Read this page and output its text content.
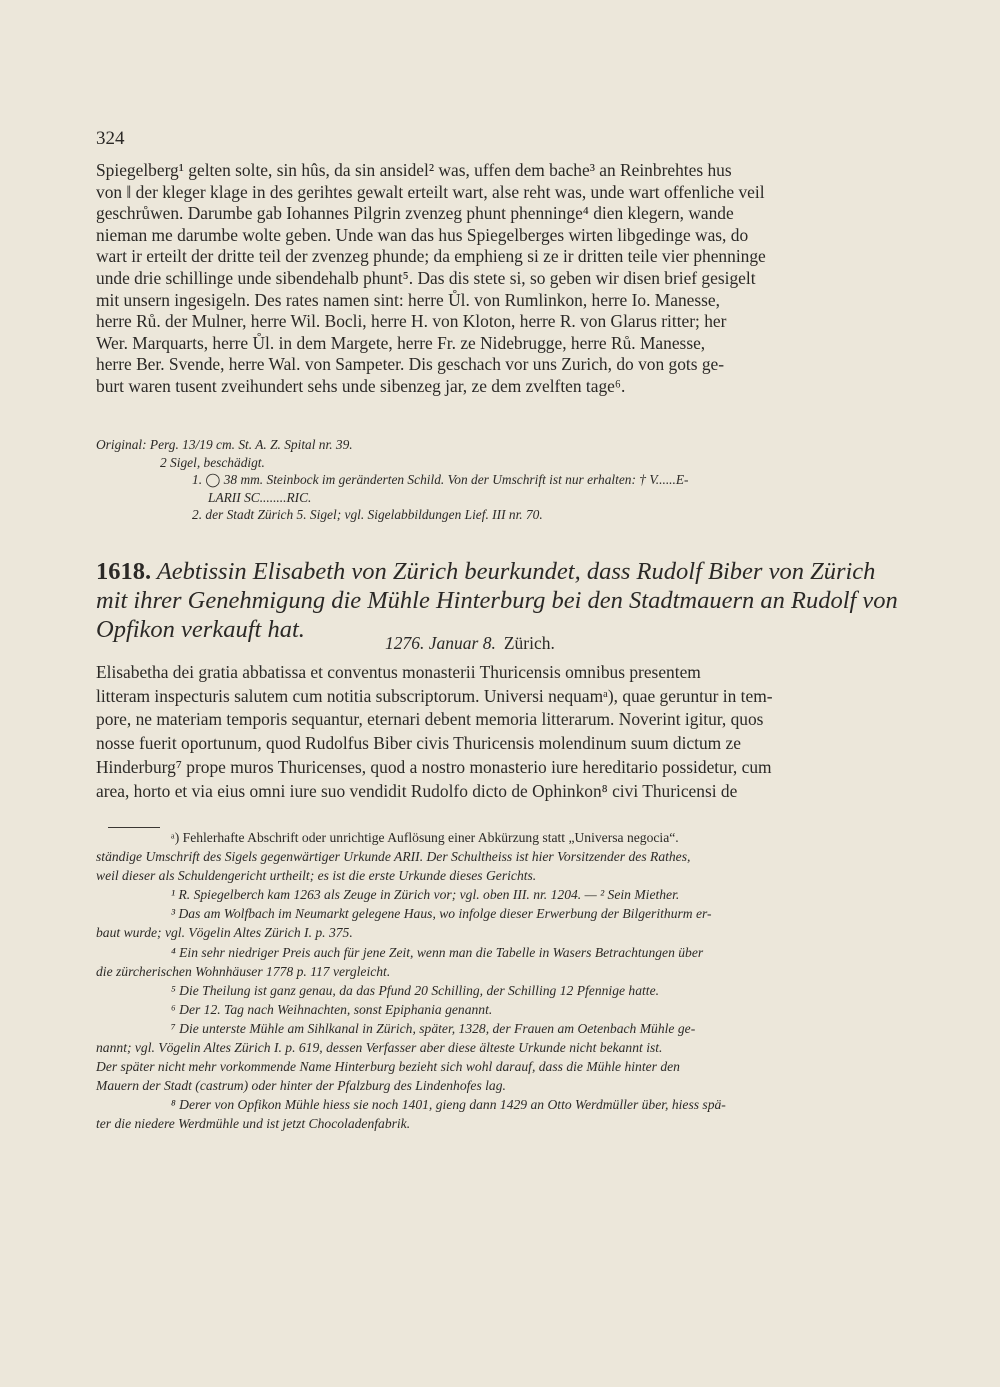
324
Spiegelberg¹ gelten solte, sin hûs, da sin ansidel² was, uffen dem bache³ an Reinbrehtes hus
von ‖ der kleger klage in des gerihtes gewalt erteilt wart, alse reht was, unde wart offenliche veil
geschrůwen. Darumbe gab Iohannes Pilgrin zvenzeg phunt phenninge⁴ dien klegern, wande
nieman me darumbe wolte geben. Unde wan das hus Spiegelberges wirten libgedinge was, do
wart ir erteilt der dritte teil der zvenzeg phunde; da emphieng si ze ir dritten teile vier phenninge
unde drie schillinge unde sibendehalb phunt⁵. Das dis stete si, so geben wir disen brief gesigelt
mit unsern ingesigeln. Des rates namen sint: herre Ůl. von Rumlinkon, herre Io. Manesse,
herre Rů. der Mulner, herre Wil. Bocli, herre H. von Kloton, herre R. von Glarus ritter; her
Wer. Marquarts, herre Ůl. in dem Margete, herre Fr. ze Nidebrugge, herre Rů. Manesse,
herre Ber. Svende, herre Wal. von Sampeter. Dis geschach vor uns Zurich, do von gots ge-
burt waren tusent zveihundert sehs unde sibenzeg jar, ze dem zvelften tage⁶.
Original: Perg. 13/19 cm. St. A. Z. Spital nr. 39.
2 Sigel, beschädigt.
1. ◯ 38 mm. Steinbock im geränderten Schild. Von der Umschrift ist nur erhalten: † V......E-
LARII SC........RIC.
2. der Stadt Zürich 5. Sigel; vgl. Sigelabbildungen Lief. III nr. 70.
1618. Aebtissin Elisabeth von Zürich beurkundet, dass Rudolf Biber von Zürich
mit ihrer Genehmigung die Mühle Hinterburg bei den Stadtmauern an Rudolf von
Opfikon verkauft hat.	1276. Januar 8. Zürich.
Elisabetha dei gratia abbatissa et conventus monasterii Thuricensis omnibus presentem
litteram inspecturis salutem cum notitia subscriptorum. Universi nequamᵃ), quae geruntur in tem-
pore, ne materiam temporis sequantur, eternari debent memoria litterarum. Noverint igitur, quos
nosse fuerit oportunum, quod Rudolfus Biber civis Thuricensis molendinum suum dictum ze
Hinderburg⁷ prope muros Thuricenses, quod a nostro monasterio iure hereditario possidetur, cum
area, horto et via eius omni iure suo vendidit Rudolfo dicto de Ophinkon⁸ civi Thuricensi de
ᵃ) Fehlerhafte Abschrift oder unrichtige Auflösung einer Abkürzung statt „Universa negocia“.
ständige Umschrift des Sigels gegenwärtiger Urkunde ARII. Der Schultheiss ist hier Vorsitzender des Rathes,
weil dieser als Schuldengericht urtheilt; es ist die erste Urkunde dieses Gerichts.
¹ R. Spiegelberch kam 1263 als Zeuge in Zürich vor; vgl. oben III. nr. 1204. — ² Sein Miether.
³ Das am Wolfbach im Neumarkt gelegene Haus, wo infolge dieser Erwerbung der Bilgerithurm er-
baut wurde; vgl. Vögelin Altes Zürich I. p. 375.
⁴ Ein sehr niedriger Preis auch für jene Zeit, wenn man die Tabelle in Wasers Betrachtungen über
die zürcherischen Wohnhäuser 1778 p. 117 vergleicht.
⁵ Die Theilung ist ganz genau, da das Pfund 20 Schilling, der Schilling 12 Pfennige hatte.
⁶ Der 12. Tag nach Weihnachten, sonst Epiphania genannt.
⁷ Die unterste Mühle am Sihlkanal in Zürich, später, 1328, der Frauen am Oetenbach Mühle ge-
nannt; vgl. Vögelin Altes Zürich I. p. 619, dessen Verfasser aber diese älteste Urkunde nicht bekannt ist.
Der später nicht mehr vorkommende Name Hinterburg bezieht sich wohl darauf, dass die Mühle hinter den
Mauern der Stadt (castrum) oder hinter der Pfalzburg des Lindenhofes lag.
⁸ Derer von Opfikon Mühle hiess sie noch 1401, gieng dann 1429 an Otto Werdmüller über, hiess spä-
ter die niedere Werdmühle und ist jetzt Chocoladenfabrik.
